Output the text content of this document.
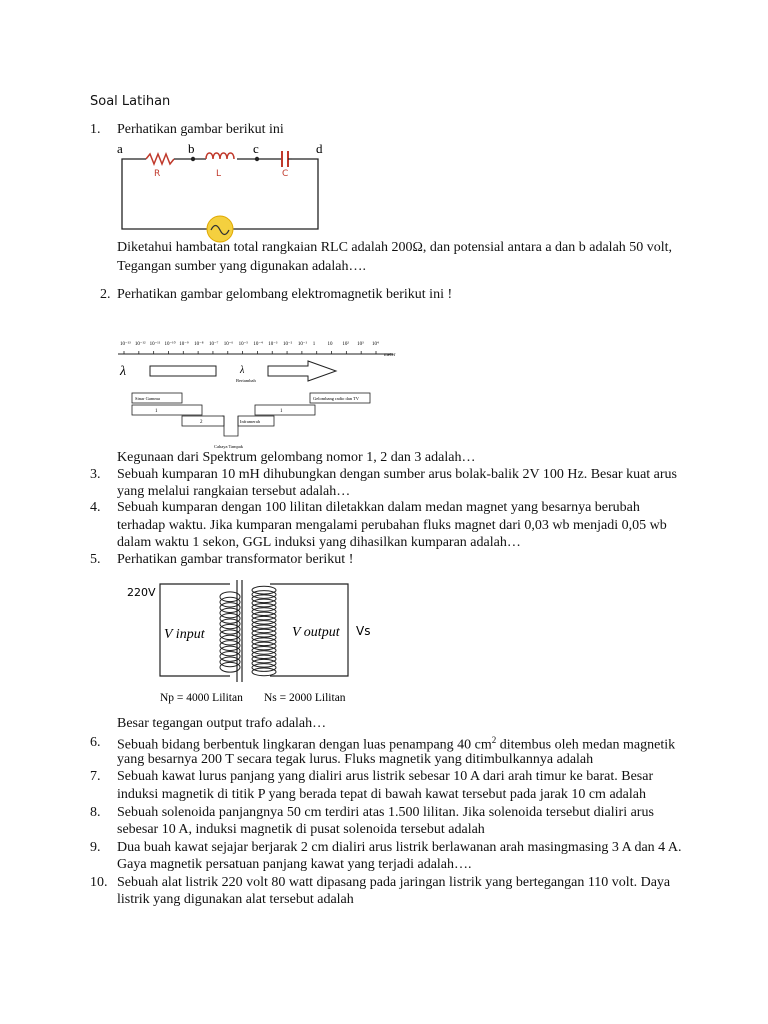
Soal Latihan
1. Perhatikan gambar berikut ini
a	b	c	d
R	L	C
Diketahui hambatan total rangkaian RLC adalah 200Ω, dan potensial antara a dan b adalah 50 volt,
Tegangan sumber yang digunakan adalah….
2. Perhatikan gambar gelombang elektromagnetik berikut ini !
10⁻¹³ 10⁻¹² 10⁻¹¹ 10⁻¹⁰ 10⁻⁹ 10⁻⁸ 10⁻⁷ 10⁻⁶ 10⁻⁵ 10⁻⁴ 10⁻³ 10⁻² 10⁻¹ 1 10 10² 10³ 10⁴
meter
λ	λ
Bertambah
Sinar Gamma	Gelombang radio dan TV
1	1
2	Inframerah
Cahaya Tampak
Kegunaan dari Spektrum gelombang nomor 1, 2 dan 3 adalah…
3. Sebuah kumparan 10 mH dihubungkan dengan sumber arus bolak-balik 2V 100 Hz. Besar kuat arus
yang melalui rangkaian tersebut adalah…
4. Sebuah kumparan dengan 100 lilitan diletakkan dalam medan magnet yang besarnya berubah
terhadap waktu. Jika kumparan mengalami perubahan fluks magnet dari 0,03 wb menjadi 0,05 wb
dalam waktu 1 sekon, GGL induksi yang dihasilkan kumparan adalah…
5. Perhatikan gambar transformator berikut !
220V
V input	V output Vs
Np = 4000 Lilitan Ns = 2000 Lilitan
Besar tegangan output trafo adalah…
6. Sebuah bidang berbentuk lingkaran dengan luas penampang 40 $cm^2$ ditembus oleh medan magnetik
yang besarnya 200 T secara tegak lurus. Fluks magnetik yang ditimbulkannya adalah
7. Sebuah kawat lurus panjang yang dialiri arus listrik sebesar 10 A dari arah timur ke barat. Besar
induksi magnetik di titik P yang berada tepat di bawah kawat tersebut pada jarak 10 cm adalah
8. Sebuah solenoida panjangnya 50 cm terdiri atas 1.500 lilitan. Jika solenoida tersebut dialiri arus
sebesar 10 A, induksi magnetik di pusat solenoida tersebut adalah
9. Dua buah kawat sejajar berjarak 2 cm dialiri arus listrik berlawanan arah masingmasing 3 A dan 4 A.
Gaya magnetik persatuan panjang kawat yang terjadi adalah….
10. Sebuah alat listrik 220 volt 80 watt dipasang pada jaringan listrik yang bertegangan 110 volt. Daya
listrik yang digunakan alat tersebut adalah
